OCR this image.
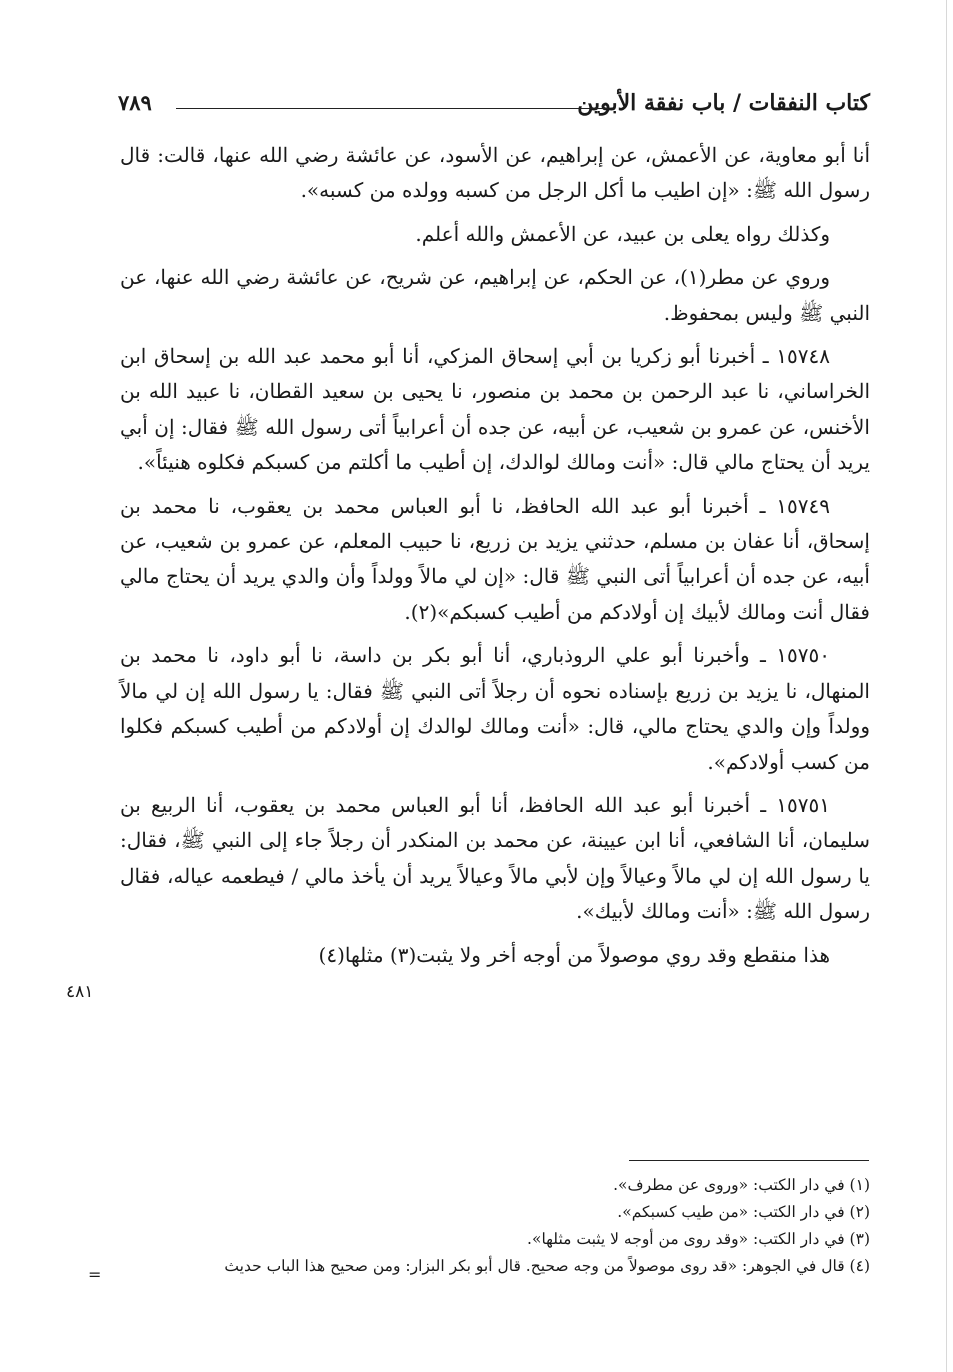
كتاب النفقات / باب نفقة الأبوين
٧٨٩

أنا أبو معاوية، عن الأعمش، عن إبراهيم، عن الأسود، عن عائشة رضي الله عنها، قالت: قال رسول الله ﷺ: «إن اطيب ما أكل الرجل من كسبه وولده من كسبه».

وكذلك رواه يعلى بن عبيد، عن الأعمش والله أعلم.

وروي عن مطر(١)، عن الحكم، عن إبراهيم، عن شريح، عن عائشة رضي الله عنها، عن النبي ﷺ وليس بمحفوظ.

١٥٧٤٨ ـ أخبرنا أبو زكريا بن أبي إسحاق المزكي، أنا أبو محمد عبد الله بن إسحاق ابن الخراساني، نا عبد الرحمن بن محمد بن منصور، نا يحيى بن سعيد القطان، نا عبيد الله بن الأخنس، عن عمرو بن شعيب، عن أبيه، عن جده أن أعرابياً أتى رسول الله ﷺ فقال: إن أبي يريد أن يحتاج مالي قال: «أنت ومالك لوالدك، إن أطيب ما أكلتم من كسبكم فكلوه هنيئاً».

١٥٧٤٩ ـ أخبرنا أبو عبد الله الحافظ، نا أبو العباس محمد بن يعقوب، نا محمد بن إسحاق، أنا عفان بن مسلم، حدثني يزيد بن زريع، نا حبيب المعلم، عن عمرو بن شعيب، عن أبيه، عن جده أن أعرابياً أتى النبي ﷺ قال: «إن لي مالاً وولداً وأن والدي يريد أن يحتاج مالي فقال أنت ومالك لأبيك إن أولادكم من أطيب كسبكم»(٢).

١٥٧٥٠ ـ وأخبرنا أبو علي الروذباري، أنا أبو بكر بن داسة، نا أبو داود، نا محمد بن المنهال، نا يزيد بن زريع بإسناده نحوه أن رجلاً أتى النبي ﷺ فقال: يا رسول الله إن لي مالاً وولداً وإن والدي يحتاج مالي، قال: «أنت ومالك لوالدك إن أولادكم من أطيب كسبكم فكلوا من كسب أولادكم».

١٥٧٥١ ـ أخبرنا أبو عبد الله الحافظ، أنا أبو العباس محمد بن يعقوب، أنا الربيع بن سليمان، أنا الشافعي، أنا ابن عيينة، عن محمد بن المنكدر أن رجلاً جاء إلى النبي ﷺ، فقال: يا رسول الله إن لي مالاً وعيالاً وإن لأبي مالاً وعيالاً يريد أن يأخذ مالي / فيطعمه عياله، فقال رسول الله ﷺ: «أنت ومالك لأبيك».

هذا منقطع وقد روي موصولاً من أوجه أخر ولا يثبت(٣) مثلها(٤)

٤٨١

(١) في دار الكتب: «وروى عن مطرف».

(٢) في دار الكتب: «من طيب كسبكم».

(٣) في دار الكتب: «وقد روى من أوجه لا يثبت مثلها».

(٤) قال في الجوهر: «قد روى موصولاً من وجه صحيح. قال أبو بكر البزار: ومن صحيح هذا الباب حديث

=
